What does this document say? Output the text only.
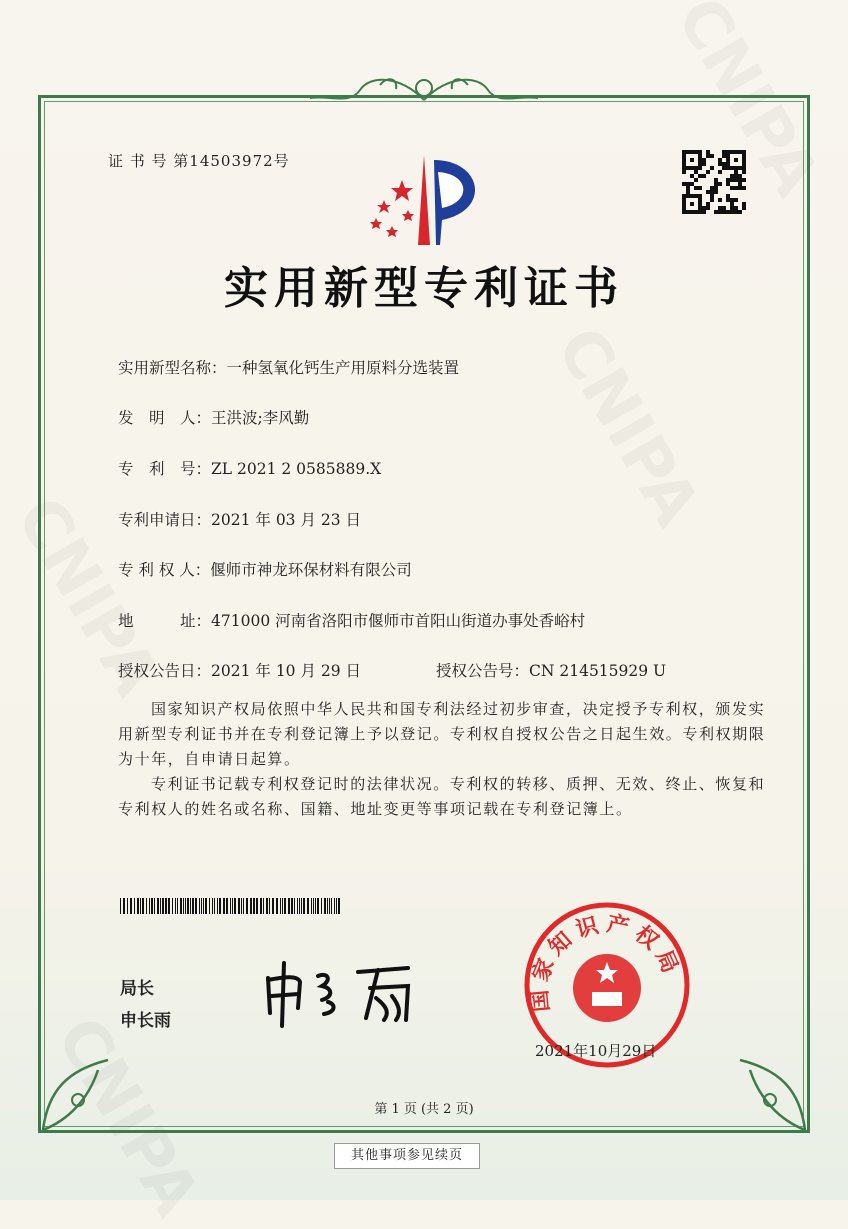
证 书 号 第14503972号
实用新型专利证书
实用新型名称：一种氢氧化钙生产用原料分选装置
发　明　人：王洪波;李风勤
专　利　号：ZL 2021 2 0585889.X
专利申请日：2021 年 03 月 23 日
专 利 权 人：偃师市神龙环保材料有限公司
地　　　址：471000 河南省洛阳市偃师市首阳山街道办事处香峪村
授权公告日：2021 年 10 月 29 日	授权公告号：CN 214515929 U

国家知识产权局依照中华人民共和国专利法经过初步审查，决定授予专利权，颁发实用新型专利证书并在专利登记簿上予以登记。专利权自授权公告之日起生效。专利权期限为十年，自申请日起算。

专利证书记载专利权登记时的法律状况。专利权的转移、质押、无效、终止、恢复和专利权人的姓名或名称、国籍、地址变更等事项记载在专利登记簿上。

局长
申长雨
国家知识产权局
2021年10月29日
第 1 页 (共 2 页)
其他事项参见续页
